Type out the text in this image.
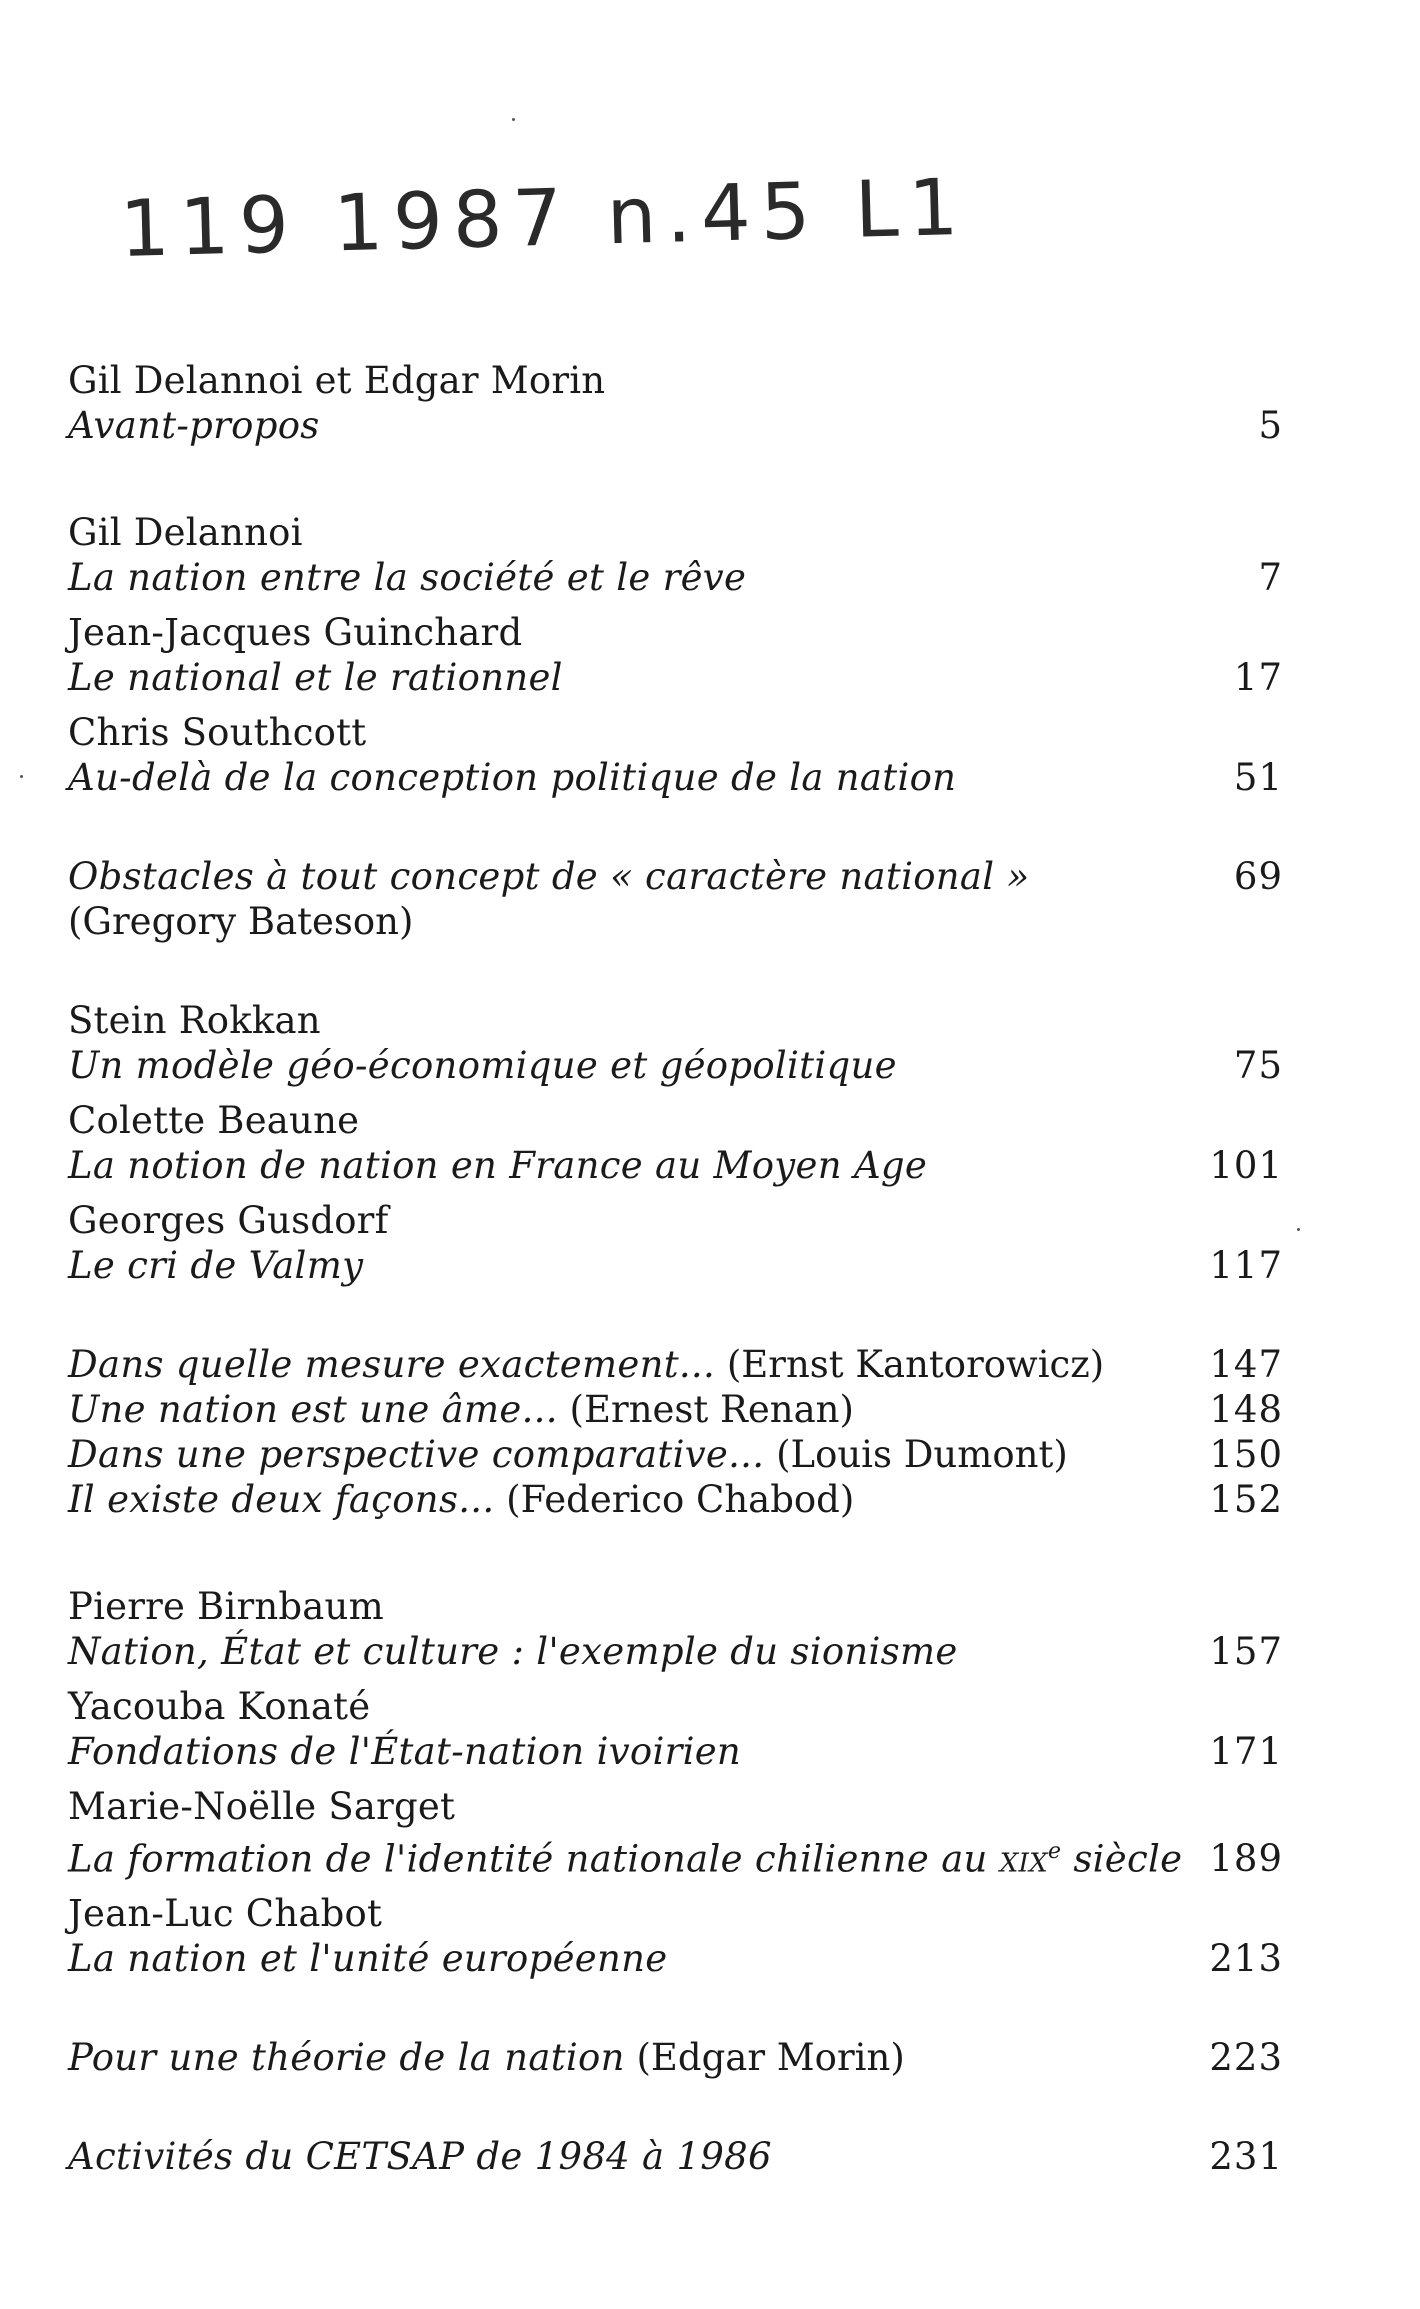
119 1987 n.45 L1
Gil Delannoi et Edgar Morin
Avant-propos	5
Gil Delannoi
La nation entre la société et le rêve	7
Jean-Jacques Guinchard
Le national et le rationnel	17
Chris Southcott
Au-delà de la conception politique de la nation	51
Obstacles à tout concept de « caractère national »	69
(Gregory Bateson)
Stein Rokkan
Un modèle géo-économique et géopolitique	75
Colette Beaune
La notion de nation en France au Moyen Age	101
Georges Gusdorf
Le cri de Valmy	117
Dans quelle mesure exactement... (Ernst Kantorowicz)	147
Une nation est une âme... (Ernest Renan)	148
Dans une perspective comparative... (Louis Dumont)	150
Il existe deux façons... (Federico Chabod)	152
Pierre Birnbaum
Nation, État et culture : l'exemple du sionisme	157
Yacouba Konaté
Fondations de l'État-nation ivoirien	171
Marie-Noëlle Sarget
La formation de l'identité nationale chilienne au xix$^e$ siècle 189
Jean-Luc Chabot
La nation et l'unité européenne	213
Pour une théorie de la nation (Edgar Morin)	223
Activités du CETSAP de 1984 à 1986	231
